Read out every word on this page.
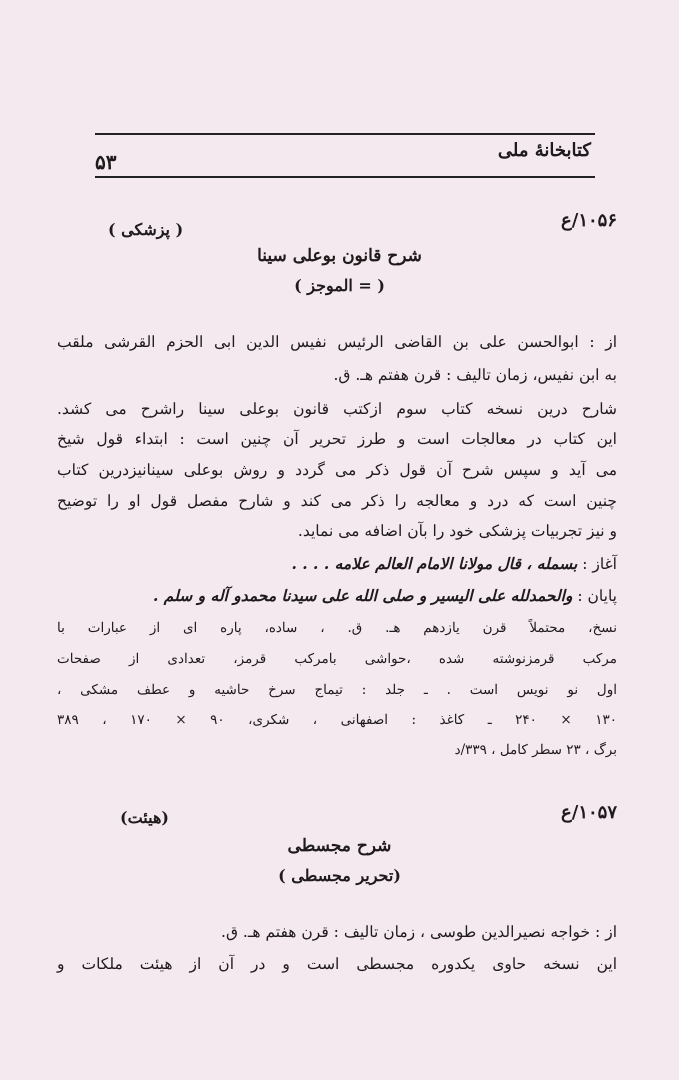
کتابخانهٔ ملی
۵۳
۱۰۵۶/ع
( پزشکی )
شرح قانون بوعلی سینا
( = الموجز )
از : ابوالحسن علی بن القاضی الرئیس نفیس الدین ابی الحزم القرشی ملقب
به ابن نفیس، زمان تالیف : قرن هفتم هـ. ق.
شارح درین نسخه کتاب سوم ازکتب قانون بوعلی سینا راشرح می کشد.
این کتاب در معالجات است و طرز تحریر آن چنین است : ابتداء قول شیخ
می آید و سپس شرح آن قول ذکر می گردد و روش بوعلی سینانیزدرین کتاب
چنین است که درد و معالجه را ذکر می کند و شارح مفصل قول او را توضیح
و نیز تجربیات پزشکی خود را بآن اضافه می نماید.
آغاز : بسمله ، قال مولانا الامام العالم علامه . . . .
پایان : والحمدلله علی الیسیر و صلی الله علی سیدنا محمدو آله و سلم .
نسخ، محتملاً قرن یازدهم هـ. ق. ، ساده، پاره ای از عبارات با
مرکب قرمزنوشته شده ،حواشی بامرکب قرمز، تعدادی از صفحات
اول نو نویس است . ـ جلد : تیماج سرخ حاشیه و عطف مشکی ،
۱۳۰ × ۲۴۰ ـ کاغذ : اصفهانی ، شکری، ۹۰ × ۱۷۰ ، ۳۸۹
برگ ، ۲۳ سطر کامل ، ۳۳۹/د
۱۰۵۷/ع
(هیئت)
شرح مجسطی
(تحریر مجسطی )
از : خواجه نصیرالدین طوسی ، زمان تالیف : قرن هفتم هـ. ق.
این نسخه حاوی یکدوره مجسطی است و در آن از هیئت ملکات و
